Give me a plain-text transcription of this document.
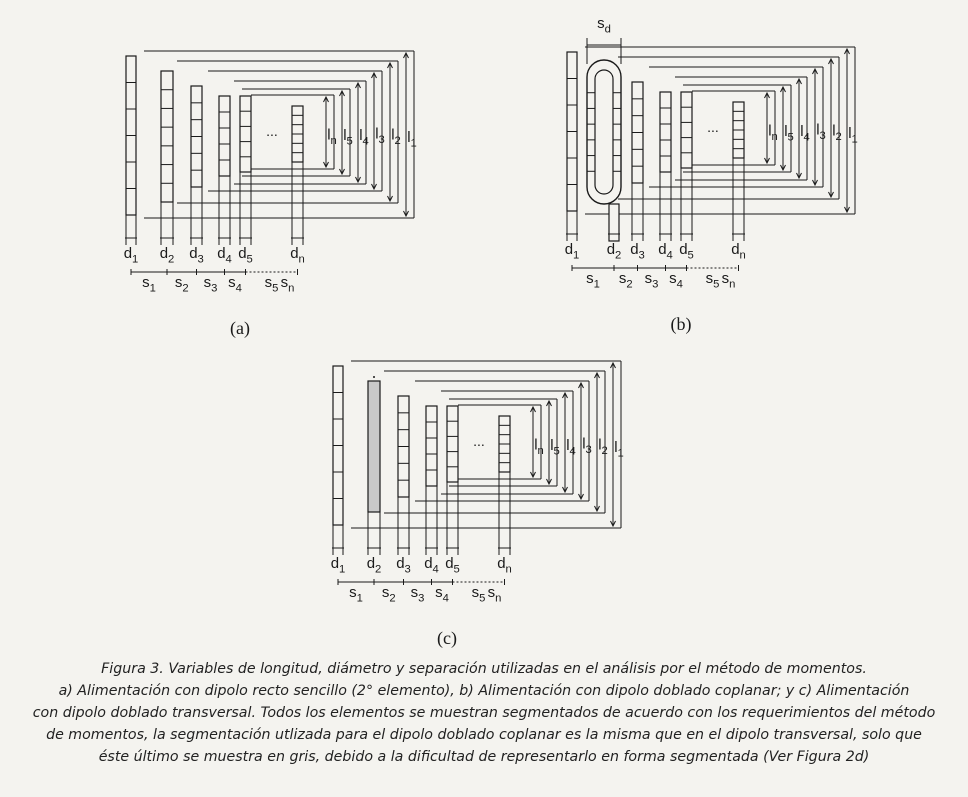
$l_n$ $l_5$ $l_4$ $l_3$ $l_2$ $l_1$
...
$d_1$ $d_2$ $d_3$ $d_4$ $d_5$ $d_n$
$s_1$ $s_2$ $s_3$ $s_4$ $s_5$ $s_n$
(a)
$l_n$ $l_5$ $l_4$ $l_3$ $l_2$ $l_1$
$s_d$
...
$d_1$ $d_2$ $d_3$ $d_4$ $d_5$ $d_n$
$s_1$ $s_2$ $s_3$ $s_4$ $s_5$ $s_n$
(b)
$l_n$ $l_5$ $l_4$ $l_3$ $l_2$ $l_1$
...
$d_1$ $d_2$ $d_3$ $d_4$ $d_5$ $d_n$
$s_1$ $s_2$ $s_3$ $s_4$ $s_5$ $s_n$
(c)
Figura 3. Variables de longitud, diámetro y separación utilizadas en el análisis por el método de momentos.
a) Alimentación con dipolo recto sencillo (2° elemento), b) Alimentación con dipolo doblado coplanar; y c) Alimentación
con dipolo doblado transversal. Todos los elementos se muestran segmentados de acuerdo con los requerimientos del método
de momentos, la segmentación utlizada para el dipolo doblado coplanar es la misma que en el dipolo transversal, solo que
éste último se muestra en gris, debido a la dificultad de representarlo en forma segmentada (Ver Figura 2d)
